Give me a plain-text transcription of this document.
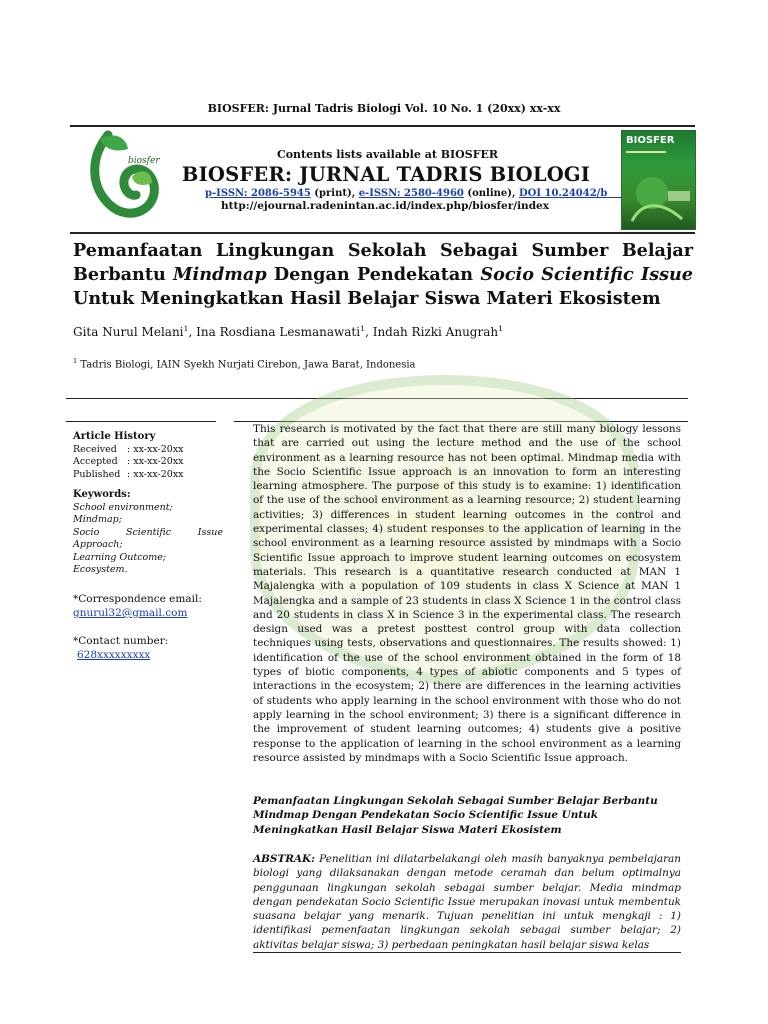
BIOSFER: Jurnal Tadris Biologi Vol. 10 No. 1 (20xx) xx-xx
biosfer	Contents lists available at BIOSFER
BIOSFER: JURNAL TADRIS BIOLOGI
p-ISSN: 2086-5945 (print), e-ISSN: 2580-4960 (online), DOI 10.24042/b
http://ejournal.radenintan.ac.id/index.php/biosfer/index
BIOSFER
Pemanfaatan Lingkungan Sekolah Sebagai Sumber Belajar Berbantu Mindmap Dengan Pendekatan Socio Scientific Issue Untuk Meningkatkan Hasil Belajar Siswa Materi Ekosistem
Gita Nurul Melani$^1$, Ina Rosdiana Lesmanawati$^1$, Indah Rizki Anugrah$^1$
$^1$ Tadris Biologi, IAIN Syekh Nurjati Cirebon, Jawa Barat, Indonesia
Article History
Received : xx-xx-20xx
Accepted : xx-xx-20xx
Published : xx-xx-20xx
Keywords:
School environment;
Mindmap;
Socio Scientific Issue
Approach;
Learning Outcome;
Ecosystem.
*Correspondence email:
gnurul32@gmail.com
*Contact number:
628xxxxxxxxx

This research is motivated by the fact that there are still many biology lessons that are carried out using the lecture method and the use of the school environment as a learning resource has not been optimal. Mindmap media with the Socio Scientific Issue approach is an innovation to form an interesting learning atmosphere. The purpose of this study is to examine: 1) identification of the use of the school environment as a learning resource; 2) student learning activities; 3) differences in student learning outcomes in the control and experimental classes; 4) student responses to the application of learning in the school environment as a learning resource assisted by mindmaps with a Socio Scientific Issue approach to improve student learning outcomes on ecosystem materials. This research is a quantitative research conducted at MAN 1 Majalengka with a population of 109 students in class X Science at MAN 1 Majalengka and a sample of 23 students in class X Science 1 in the control class and 20 students in class X in Science 3 in the experimental class. The research design used was a pretest posttest control group with data collection techniques using tests, observations and questionnaires. The results showed: 1) identification of the use of the school environment obtained in the form of 18 types of biotic components, 4 types of abiotic components and 5 types of interactions in the ecosystem; 2) there are differences in the learning activities of students who apply learning in the school environment with those who do not apply learning in the school environment; 3) there is a significant difference in the improvement of student learning outcomes; 4) students give a positive response to the application of learning in the school environment as a learning resource assisted by mindmaps with a Socio Scientific Issue approach.

Pemanfaatan Lingkungan Sekolah Sebagai Sumber Belajar Berbantu Mindmap Dengan Pendekatan Socio Scientific Issue Untuk Meningkatkan Hasil Belajar Siswa Materi Ekosistem

ABSTRAK: Penelitian ini dilatarbelakangi oleh masih banyaknya pembelajaran biologi yang dilaksanakan dengan metode ceramah dan belum optimalnya penggunaan lingkungan sekolah sebagai sumber belajar. Media mindmap dengan pendekatan Socio Scientific Issue merupakan inovasi untuk membentuk suasana belajar yang menarik. Tujuan penelitian ini untuk mengkaji : 1) identifikasi pemenfaatan lingkungan sekolah sebagai sumber belajar; 2) aktivitas belajar siswa; 3) perbedaan peningkatan hasil belajar siswa kelas
